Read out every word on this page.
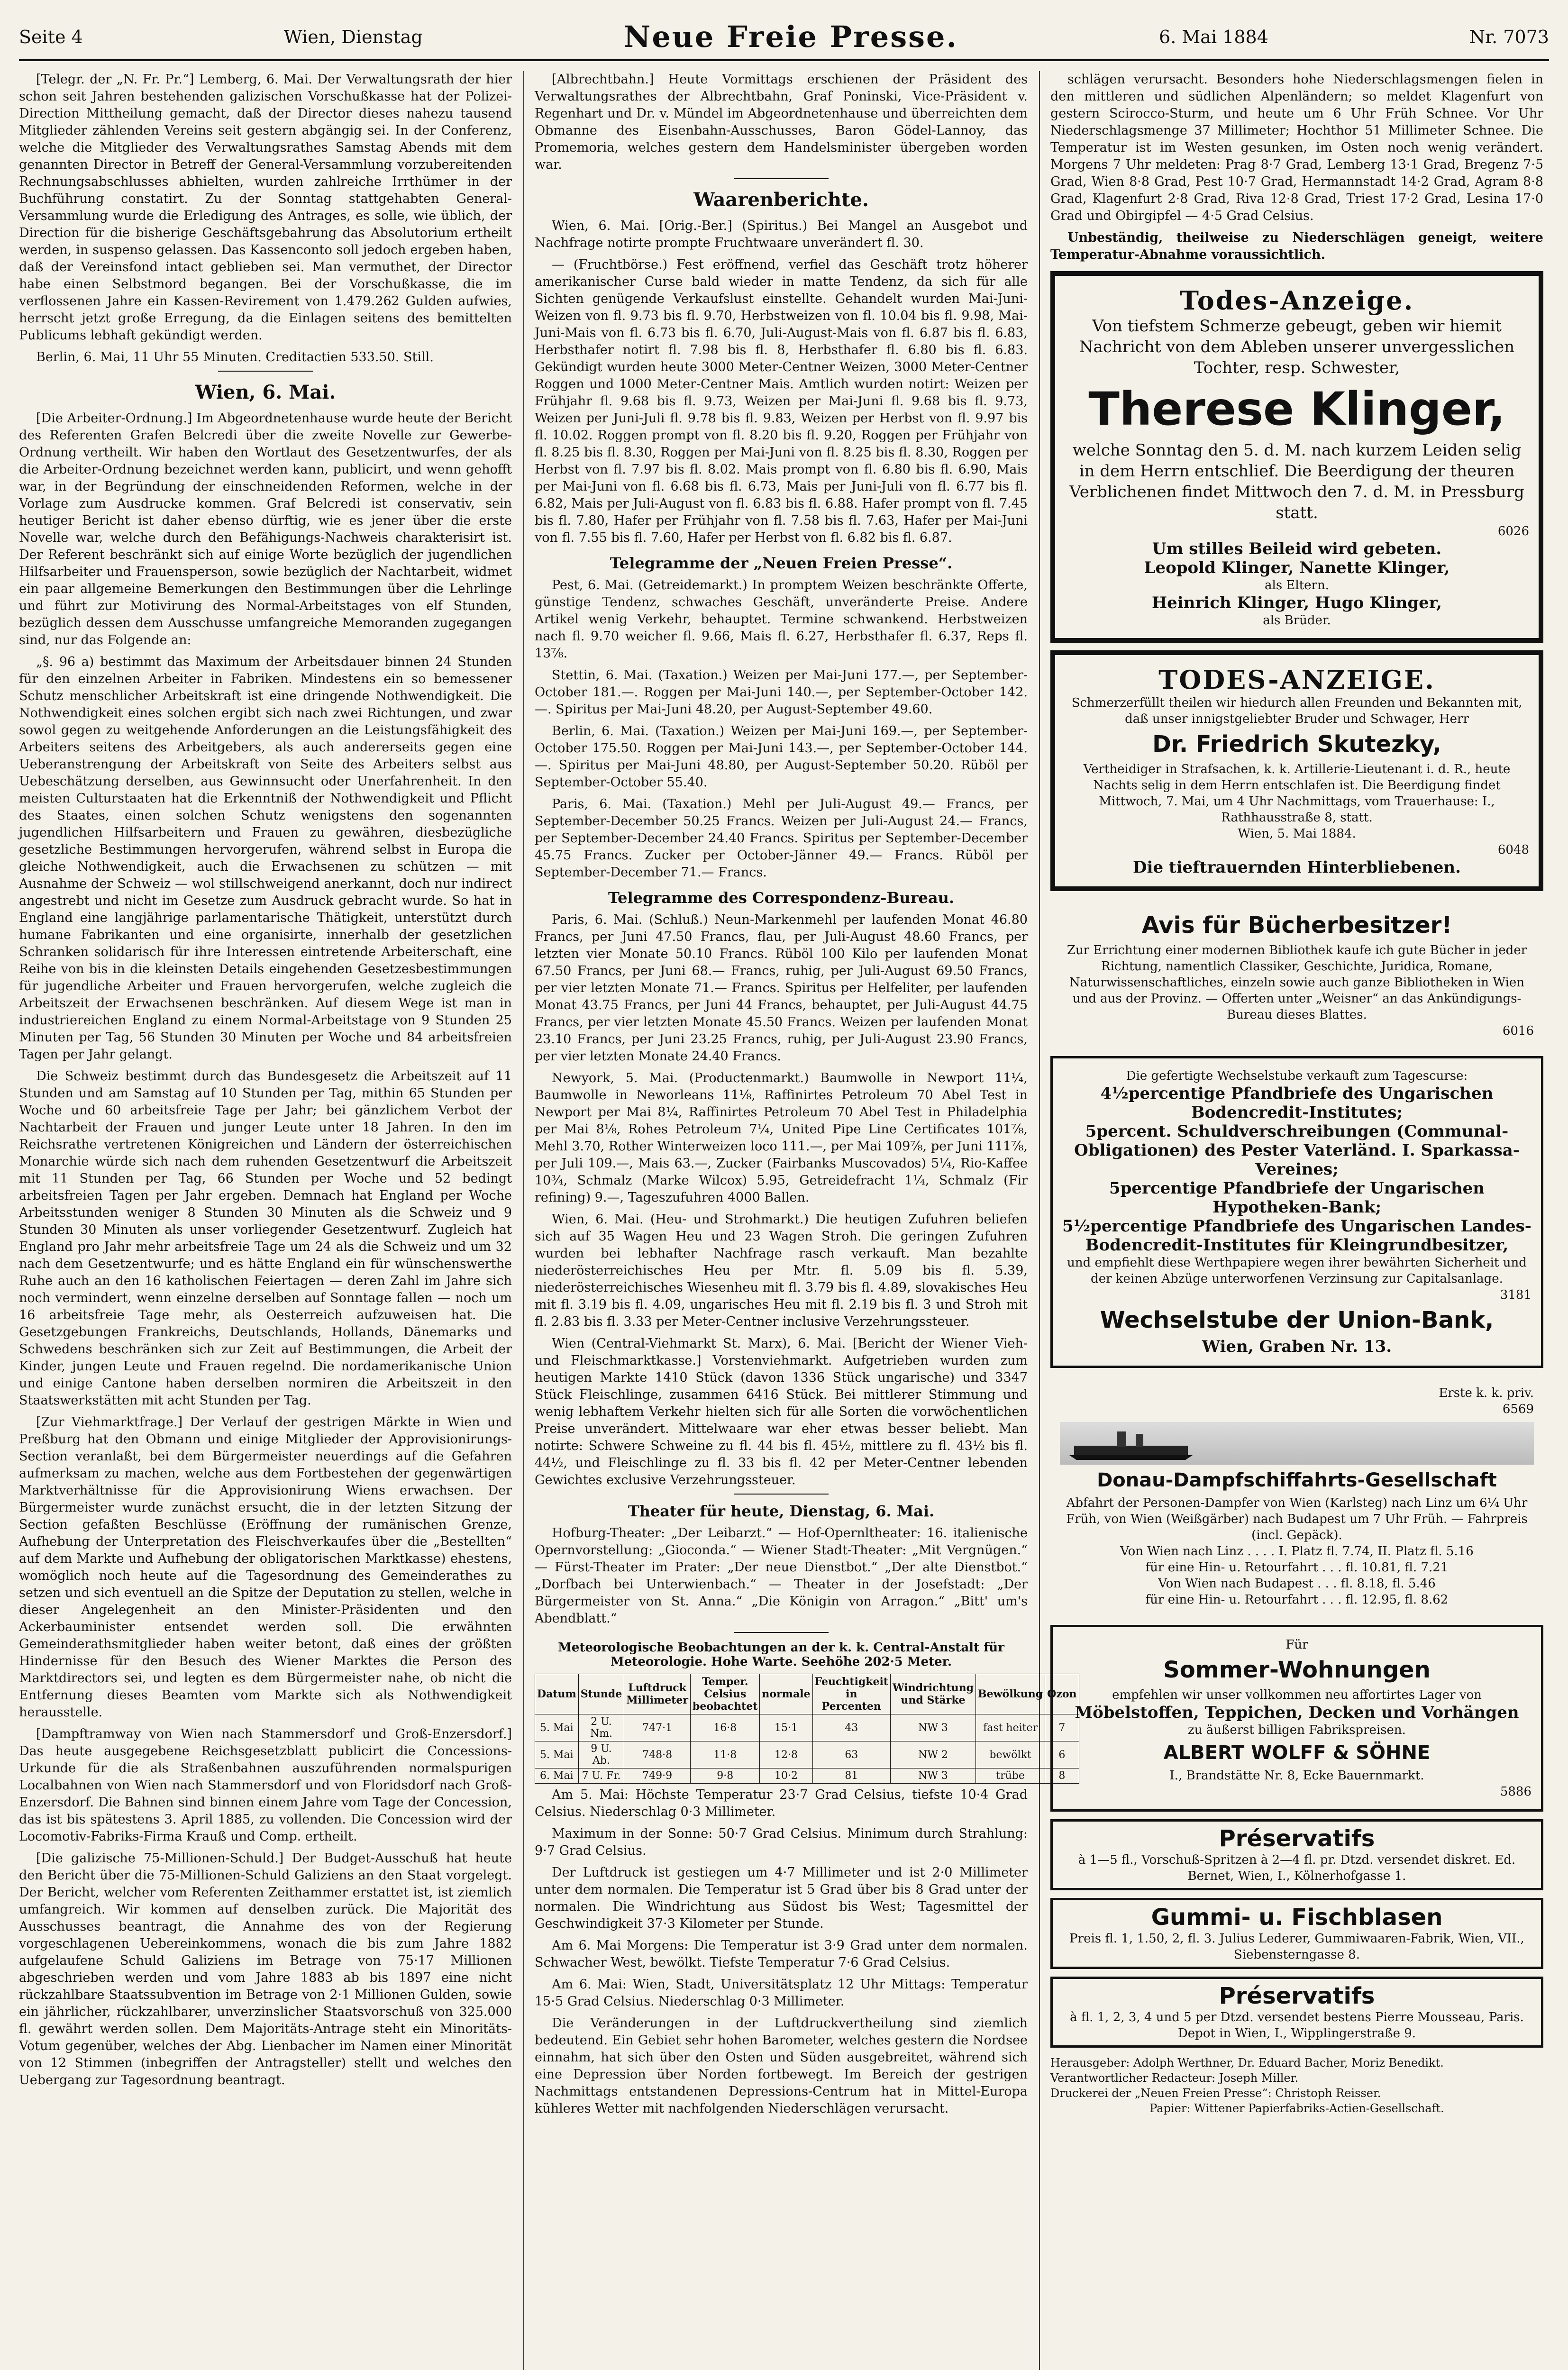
Seite 4	Wien, Dienstag	Neue Freie Presse.	6. Mai 1884	Nr. 7073

[Telegr. der „N. Fr. Pr.“] Lemberg, 6. Mai. Der Verwaltungsrath der hier schon seit Jahren bestehenden galizischen Vorschußkasse hat der Polizei-Direction Mittheilung gemacht, daß der Director dieses nahezu tausend Mitglieder zählenden Vereins seit gestern abgängig sei. In der Conferenz, welche die Mitglieder des Verwaltungsrathes Samstag Abends mit dem genannten Director in Betreff der General-Versammlung vorzubereitenden Rechnungsabschlusses abhielten, wurden zahlreiche Irrthümer in der Buchführung constatirt. Zu der Sonntag stattgehabten General-Versammlung wurde die Erledigung des Antrages, es solle, wie üblich, der Direction für die bisherige Geschäftsgebahrung das Absolutorium ertheilt werden, in suspenso gelassen. Das Kassenconto soll jedoch ergeben haben, daß der Vereinsfond intact geblieben sei. Man vermuthet, der Director habe einen Selbstmord begangen. Bei der Vorschußkasse, die im verflossenen Jahre ein Kassen-Revirement von 1.479.262 Gulden aufwies, herrscht jetzt große Erregung, da die Einlagen seitens des bemittelten Publicums lebhaft gekündigt werden.

Berlin, 6. Mai, 11 Uhr 55 Minuten. Creditactien 533.50. Still.

Wien, 6. Mai.

[Die Arbeiter-Ordnung.] Im Abgeordnetenhause wurde heute der Bericht des Referenten Grafen Belcredi über die zweite Novelle zur Gewerbe-Ordnung vertheilt. Wir haben den Wortlaut des Gesetzentwurfes, der als die Arbeiter-Ordnung bezeichnet werden kann, publicirt, und wenn gehofft war, in der Begründung der einschneidenden Reformen, welche in der Vorlage zum Ausdrucke kommen. Graf Belcredi ist conservativ, sein heutiger Bericht ist daher ebenso dürftig, wie es jener über die erste Novelle war, welche durch den Befähigungs-Nachweis charakterisirt ist. Der Referent beschränkt sich auf einige Worte bezüglich der jugendlichen Hilfsarbeiter und Frauensperson, sowie bezüglich der Nachtarbeit, widmet ein paar allgemeine Bemerkungen den Bestimmungen über die Lehrlinge und führt zur Motivirung des Normal-Arbeitstages von elf Stunden, bezüglich dessen dem Ausschusse umfangreiche Memoranden zugegangen sind, nur das Folgende an:

„§. 96 a) bestimmt das Maximum der Arbeitsdauer binnen 24 Stunden für den einzelnen Arbeiter in Fabriken. Mindestens ein so bemessener Schutz menschlicher Arbeitskraft ist eine dringende Nothwendigkeit. Die Nothwendigkeit eines solchen ergibt sich nach zwei Richtungen, und zwar sowol gegen zu weitgehende Anforderungen an die Leistungsfähigkeit des Arbeiters seitens des Arbeitgebers, als auch andererseits gegen eine Ueberanstrengung der Arbeitskraft von Seite des Arbeiters selbst aus Uebeschätzung derselben, aus Gewinnsucht oder Unerfahrenheit. In den meisten Culturstaaten hat die Erkenntniß der Nothwendigkeit und Pflicht des Staates, einen solchen Schutz wenigstens den sogenannten jugendlichen Hilfsarbeitern und Frauen zu gewähren, diesbezügliche gesetzliche Bestimmungen hervorgerufen, während selbst in Europa die gleiche Nothwendigkeit, auch die Erwachsenen zu schützen — mit Ausnahme der Schweiz — wol stillschweigend anerkannt, doch nur indirect angestrebt und nicht im Gesetze zum Ausdruck gebracht wurde. So hat in England eine langjährige parlamentarische Thätigkeit, unterstützt durch humane Fabrikanten und eine organisirte, innerhalb der gesetzlichen Schranken solidarisch für ihre Interessen eintretende Arbeiterschaft, eine Reihe von bis in die kleinsten Details eingehenden Gesetzesbestimmungen für jugendliche Arbeiter und Frauen hervorgerufen, welche zugleich die Arbeitszeit der Erwachsenen beschränken. Auf diesem Wege ist man in industriereichen England zu einem Normal-Arbeitstage von 9 Stunden 25 Minuten per Tag, 56 Stunden 30 Minuten per Woche und 84 arbeitsfreien Tagen per Jahr gelangt.

Die Schweiz bestimmt durch das Bundesgesetz die Arbeitszeit auf 11 Stunden und am Samstag auf 10 Stunden per Tag, mithin 65 Stunden per Woche und 60 arbeitsfreie Tage per Jahr; bei gänzlichem Verbot der Nachtarbeit der Frauen und junger Leute unter 18 Jahren. In den im Reichsrathe vertretenen Königreichen und Ländern der österreichischen Monarchie würde sich nach dem ruhenden Gesetzentwurf die Arbeitszeit mit 11 Stunden per Tag, 66 Stunden per Woche und 52 bedingt arbeitsfreien Tagen per Jahr ergeben. Demnach hat England per Woche Arbeitsstunden weniger 8 Stunden 30 Minuten als die Schweiz und 9 Stunden 30 Minuten als unser vorliegender Gesetzentwurf. Zugleich hat England pro Jahr mehr arbeitsfreie Tage um 24 als die Schweiz und um 32 nach dem Gesetzentwurfe; und es hätte England ein für wünschenswerthe Ruhe auch an den 16 katholischen Feiertagen — deren Zahl im Jahre sich noch vermindert, wenn einzelne derselben auf Sonntage fallen — noch um 16 arbeitsfreie Tage mehr, als Oesterreich aufzuweisen hat. Die Gesetzgebungen Frankreichs, Deutschlands, Hollands, Dänemarks und Schwedens beschränken sich zur Zeit auf Bestimmungen, die Arbeit der Kinder, jungen Leute und Frauen regelnd. Die nordamerikanische Union und einige Cantone haben derselben normiren die Arbeitszeit in den Staatswerkstätten mit acht Stunden per Tag.

[Zur Viehmarktfrage.] Der Verlauf der gestrigen Märkte in Wien und Preßburg hat den Obmann und einige Mitglieder der Approvisionirungs-Section veranlaßt, bei dem Bürgermeister neuerdings auf die Gefahren aufmerksam zu machen, welche aus dem Fortbestehen der gegenwärtigen Marktverhältnisse für die Approvisionirung Wiens erwachsen. Der Bürgermeister wurde zunächst ersucht, die in der letzten Sitzung der Section gefaßten Beschlüsse (Eröffnung der rumänischen Grenze, Aufhebung der Unterpretation des Fleischverkaufes über die „Bestellten“ auf dem Markte und Aufhebung der obligatorischen Marktkasse) ehestens, womöglich noch heute auf die Tagesordnung des Gemeinderathes zu setzen und sich eventuell an die Spitze der Deputation zu stellen, welche in dieser Angelegenheit an den Minister-Präsidenten und den Ackerbauminister entsendet werden soll. Die erwähnten Gemeinderathsmitglieder haben weiter betont, daß eines der größten Hindernisse für den Besuch des Wiener Marktes die Person des Marktdirectors sei, und legten es dem Bürgermeister nahe, ob nicht die Entfernung dieses Beamten vom Markte sich als Nothwendigkeit herausstelle.

[Dampftramway von Wien nach Stammersdorf und Groß-Enzersdorf.] Das heute ausgegebene Reichsgesetzblatt publicirt die Concessions-Urkunde für die als Straßenbahnen auszuführenden normalspurigen Localbahnen von Wien nach Stammersdorf und von Floridsdorf nach Groß-Enzersdorf. Die Bahnen sind binnen einem Jahre vom Tage der Concession, das ist bis spätestens 3. April 1885, zu vollenden. Die Concession wird der Locomotiv-Fabriks-Firma Krauß und Comp. ertheilt.

[Die galizische 75-Millionen-Schuld.] Der Budget-Ausschuß hat heute den Bericht über die 75-Millionen-Schuld Galiziens an den Staat vorgelegt. Der Bericht, welcher vom Referenten Zeithammer erstattet ist, ist ziemlich umfangreich. Wir kommen auf denselben zurück. Die Majorität des Ausschusses beantragt, die Annahme des von der Regierung vorgeschlagenen Uebereinkommens, wonach die bis zum Jahre 1882 aufgelaufene Schuld Galiziens im Betrage von 75·17 Millionen abgeschrieben werden und vom Jahre 1883 ab bis 1897 eine nicht rückzahlbare Staatssubvention im Betrage von 2·1 Millionen Gulden, sowie ein jährlicher, rückzahlbarer, unverzinslicher Staatsvorschuß von 325.000 fl. gewährt werden sollen. Dem Majoritäts-Antrage steht ein Minoritäts-Votum gegenüber, welches der Abg. Lienbacher im Namen einer Minorität von 12 Stimmen (inbegriffen der Antragsteller) stellt und welches den Uebergang zur Tagesordnung beantragt.

[Albrechtbahn.] Heute Vormittags erschienen der Präsident des Verwaltungsrathes der Albrechtbahn, Graf Poninski, Vice-Präsident v. Regenhart und Dr. v. Mündel im Abgeordnetenhause und überreichten dem Obmanne des Eisenbahn-Ausschusses, Baron Gödel-Lannoy, das Promemoria, welches gestern dem Handelsminister übergeben worden war.

Waarenberichte.

Wien, 6. Mai. [Orig.-Ber.] (Spiritus.) Bei Mangel an Ausgebot und Nachfrage notirte prompte Fruchtwaare unverändert fl. 30.

— (Fruchtbörse.) Fest eröffnend, verfiel das Geschäft trotz höherer amerikanischer Curse bald wieder in matte Tendenz, da sich für alle Sichten genügende Verkaufslust einstellte. Gehandelt wurden Mai-Juni-Weizen von fl. 9.73 bis fl. 9.70, Herbstweizen von fl. 10.04 bis fl. 9.98, Mai-Juni-Mais von fl. 6.73 bis fl. 6.70, Juli-August-Mais von fl. 6.87 bis fl. 6.83, Herbsthafer notirt fl. 7.98 bis fl. 8, Herbsthafer fl. 6.80 bis fl. 6.83. Gekündigt wurden heute 3000 Meter-Centner Weizen, 3000 Meter-Centner Roggen und 1000 Meter-Centner Mais. Amtlich wurden notirt: Weizen per Frühjahr fl. 9.68 bis fl. 9.73, Weizen per Mai-Juni fl. 9.68 bis fl. 9.73, Weizen per Juni-Juli fl. 9.78 bis fl. 9.83, Weizen per Herbst von fl. 9.97 bis fl. 10.02. Roggen prompt von fl. 8.20 bis fl. 9.20, Roggen per Frühjahr von fl. 8.25 bis fl. 8.30, Roggen per Mai-Juni von fl. 8.25 bis fl. 8.30, Roggen per Herbst von fl. 7.97 bis fl. 8.02. Mais prompt von fl. 6.80 bis fl. 6.90, Mais per Mai-Juni von fl. 6.68 bis fl. 6.73, Mais per Juni-Juli von fl. 6.77 bis fl. 6.82, Mais per Juli-August von fl. 6.83 bis fl. 6.88. Hafer prompt von fl. 7.45 bis fl. 7.80, Hafer per Frühjahr von fl. 7.58 bis fl. 7.63, Hafer per Mai-Juni von fl. 7.55 bis fl. 7.60, Hafer per Herbst von fl. 6.82 bis fl. 6.87.

Telegramme der „Neuen Freien Presse“.

Pest, 6. Mai. (Getreidemarkt.) In promptem Weizen beschränkte Offerte, günstige Tendenz, schwaches Geschäft, unveränderte Preise. Andere Artikel wenig Verkehr, behauptet. Termine schwankend. Herbstweizen nach fl. 9.70 weicher fl. 9.66, Mais fl. 6.27, Herbsthafer fl. 6.37, Reps fl. 13⅞.

Stettin, 6. Mai. (Taxation.) Weizen per Mai-Juni 177.—, per September-October 181.—. Roggen per Mai-Juni 140.—, per September-October 142.—. Spiritus per Mai-Juni 48.20, per August-September 49.60.

Berlin, 6. Mai. (Taxation.) Weizen per Mai-Juni 169.—, per September-October 175.50. Roggen per Mai-Juni 143.—, per September-October 144.—. Spiritus per Mai-Juni 48.80, per August-September 50.20. Rüböl per September-October 55.40.

Paris, 6. Mai. (Taxation.) Mehl per Juli-August 49.— Francs, per September-December 50.25 Francs. Weizen per Juli-August 24.— Francs, per September-December 24.40 Francs. Spiritus per September-December 45.75 Francs. Zucker per October-Jänner 49.— Francs. Rüböl per September-December 71.— Francs.

Telegramme des Correspondenz-Bureau.

Paris, 6. Mai. (Schluß.) Neun-Markenmehl per laufenden Monat 46.80 Francs, per Juni 47.50 Francs, flau, per Juli-August 48.60 Francs, per letzten vier Monate 50.10 Francs. Rüböl 100 Kilo per laufenden Monat 67.50 Francs, per Juni 68.— Francs, ruhig, per Juli-August 69.50 Francs, per vier letzten Monate 71.— Francs. Spiritus per Helfeliter, per laufenden Monat 43.75 Francs, per Juni 44 Francs, behauptet, per Juli-August 44.75 Francs, per vier letzten Monate 45.50 Francs. Weizen per laufenden Monat 23.10 Francs, per Juni 23.25 Francs, ruhig, per Juli-August 23.90 Francs, per vier letzten Monate 24.40 Francs.

Newyork, 5. Mai. (Productenmarkt.) Baumwolle in Newport 11¼, Baumwolle in Neworleans 11⅛, Raffinirtes Petroleum 70 Abel Test in Newport per Mai 8¼, Raffinirtes Petroleum 70 Abel Test in Philadelphia per Mai 8⅛, Rohes Petroleum 7¼, United Pipe Line Certificates 101⅞, Mehl 3.70, Rother Winterweizen loco 111.—, per Mai 109⅞, per Juni 111⅞, per Juli 109.—, Mais 63.—, Zucker (Fairbanks Muscovados) 5¼, Rio-Kaffee 10¾, Schmalz (Marke Wilcox) 5.95, Getreidefracht 1¼, Schmalz (Fir refining) 9.—, Tageszufuhren 4000 Ballen.

Wien, 6. Mai. (Heu- und Strohmarkt.) Die heutigen Zufuhren beliefen sich auf 35 Wagen Heu und 23 Wagen Stroh. Die geringen Zufuhren wurden bei lebhafter Nachfrage rasch verkauft. Man bezahlte niederösterreichisches Heu per Mtr. fl. 5.09 bis fl. 5.39, niederösterreichisches Wiesenheu mit fl. 3.79 bis fl. 4.89, slovakisches Heu mit fl. 3.19 bis fl. 4.09, ungarisches Heu mit fl. 2.19 bis fl. 3 und Stroh mit fl. 2.83 bis fl. 3.33 per Meter-Centner inclusive Verzehrungssteuer.

Wien (Central-Viehmarkt St. Marx), 6. Mai. [Bericht der Wiener Vieh- und Fleischmarktkasse.] Vorstenviehmarkt. Aufgetrieben wurden zum heutigen Markte 1410 Stück (davon 1336 Stück ungarische) und 3347 Stück Fleischlinge, zusammen 6416 Stück. Bei mittlerer Stimmung und wenig lebhaftem Verkehr hielten sich für alle Sorten die vorwöchentlichen Preise unverändert. Mittelwaare war eher etwas besser beliebt. Man notirte: Schwere Schweine zu fl. 44 bis fl. 45½, mittlere zu fl. 43½ bis fl. 44½, und Fleischlinge zu fl. 33 bis fl. 42 per Meter-Centner lebenden Gewichtes exclusive Verzehrungssteuer.

Theater für heute, Dienstag, 6. Mai.

Hofburg-Theater: „Der Leibarzt.“ — Hof-Opernltheater: 16. italienische Opernvorstellung: „Gioconda.“ — Wiener Stadt-Theater: „Mit Vergnügen.“ — Fürst-Theater im Prater: „Der neue Dienstbot.“ „Der alte Dienstbot.“ „Dorfbach bei Unterwienbach.“ — Theater in der Josefstadt: „Der Bürgermeister von St. Anna.“ „Die Königin von Arragon.“ „Bitt' um's Abendblatt.“

Meteorologische Beobachtungen an der k. k. Central-Anstalt für Meteorologie. Hohe Warte. Seehöhe 202·5 Meter.
Datum	Stunde	Luftdruck Millimeter	Temper. Celsius beobachtet	normale	Feuchtigkeit in Percenten	Windrichtung und Stärke	Bewölkung	Ozon
5. Mai	2 U. Nm.	747·1	16·8	15·1	43	NW 3	fast heiter	7
5. Mai	9 U. Ab.	748·8	11·8	12·8	63	NW 2	bewölkt	6
6. Mai	7 U. Fr.	749·9	9·8	10·2	81	NW 3	trübe	8

Am 5. Mai: Höchste Temperatur 23·7 Grad Celsius, tiefste 10·4 Grad Celsius. Niederschlag 0·3 Millimeter.

Maximum in der Sonne: 50·7 Grad Celsius. Minimum durch Strahlung: 9·7 Grad Celsius.

Der Luftdruck ist gestiegen um 4·7 Millimeter und ist 2·0 Millimeter unter dem normalen. Die Temperatur ist 5 Grad über bis 8 Grad unter der normalen. Die Windrichtung aus Südost bis West; Tagesmittel der Geschwindigkeit 37·3 Kilometer per Stunde.

Am 6. Mai Morgens: Die Temperatur ist 3·9 Grad unter dem normalen. Schwacher West, bewölkt. Tiefste Temperatur 7·6 Grad Celsius.

Am 6. Mai: Wien, Stadt, Universitätsplatz 12 Uhr Mittags: Temperatur 15·5 Grad Celsius. Niederschlag 0·3 Millimeter.

Die Veränderungen in der Luftdruckvertheilung sind ziemlich bedeutend. Ein Gebiet sehr hohen Barometer, welches gestern die Nordsee einnahm, hat sich über den Osten und Süden ausgebreitet, während sich eine Depression über Norden fortbewegt. Im Bereich der gestrigen Nachmittags entstandenen Depressions-Centrum hat in Mittel-Europa kühleres Wetter mit nachfolgenden Niederschlägen verursacht.

schlägen verursacht. Besonders hohe Niederschlagsmengen fielen in den mittleren und südlichen Alpenländern; so meldet Klagenfurt von gestern Scirocco-Sturm, und heute um 6 Uhr Früh Schnee. Vor Uhr Niederschlagsmenge 37 Millimeter; Hochthor 51 Millimeter Schnee. Die Temperatur ist im Westen gesunken, im Osten noch wenig verändert. Morgens 7 Uhr meldeten: Prag 8·7 Grad, Lemberg 13·1 Grad, Bregenz 7·5 Grad, Wien 8·8 Grad, Pest 10·7 Grad, Hermannstadt 14·2 Grad, Agram 8·8 Grad, Klagenfurt 2·8 Grad, Riva 12·8 Grad, Triest 17·2 Grad, Lesina 17·0 Grad und Obirgipfel — 4·5 Grad Celsius.

Unbeständig, theilweise zu Niederschlägen geneigt, weitere Temperatur-Abnahme voraussichtlich.

Todes-Anzeige.
Von tiefstem Schmerze gebeugt, geben wir hiemit Nachricht von dem Ableben unserer unvergesslichen Tochter, resp. Schwester,
Therese Klinger,
welche Sonntag den 5. d. M. nach kurzem Leiden selig in dem Herrn entschlief. Die Beerdigung der theuren Verblichenen findet Mittwoch den 7. d. M. in Pressburg statt.
6026
Um stilles Beileid wird gebeten.
Leopold Klinger, Nanette Klinger,
als Eltern.
Heinrich Klinger, Hugo Klinger,
als Brüder.
TODES-ANZEIGE.
Schmerzerfüllt theilen wir hiedurch allen Freunden und Bekannten mit, daß unser innigstgeliebter Bruder und Schwager, Herr
Dr. Friedrich Skutezky,
Vertheidiger in Strafsachen, k. k. Artillerie-Lieutenant i. d. R., heute Nachts selig in dem Herrn entschlafen ist. Die Beerdigung findet Mittwoch, 7. Mai, um 4 Uhr Nachmittags, vom Trauerhause: I., Rathhausstraße 8, statt.
Wien, 5. Mai 1884.
6048
Die tieftrauernden Hinterbliebenen.
Avis für Bücherbesitzer!
Zur Errichtung einer modernen Bibliothek kaufe ich gute Bücher in jeder Richtung, namentlich Classiker, Geschichte, Juridica, Romane, Naturwissenschaftliches, einzeln sowie auch ganze Bibliotheken in Wien und aus der Provinz. — Offerten unter „Weisner“ an das Ankündigungs-Bureau dieses Blattes.
6016
Die gefertigte Wechselstube verkauft zum Tagescurse:
4½percentige Pfandbriefe des Ungarischen Bodencredit-Institutes;
5percent. Schuldverschreibungen (Communal-Obligationen) des Pester Vaterländ. I. Sparkassa-Vereines;
5percentige Pfandbriefe der Ungarischen Hypotheken-Bank;
5½percentige Pfandbriefe des Ungarischen Landes-Bodencredit-Institutes für Kleingrundbesitzer,
und empfiehlt diese Werthpapiere wegen ihrer bewährten Sicherheit und der keinen Abzüge unterworfenen Verzinsung zur Capitalsanlage.
3181
Wechselstube der Union-Bank,
Wien, Graben Nr. 13.
Erste k. k. priv.
6569
Donau-Dampfschiffahrts-Gesellschaft
Abfahrt der Personen-Dampfer von Wien (Karlsteg) nach Linz um 6¼ Uhr Früh, von Wien (Weißgärber) nach Budapest um 7 Uhr Früh. — Fahrpreis (incl. Gepäck).
Von Wien nach Linz . . . . I. Platz fl. 7.74, II. Platz fl. 5.16
für eine Hin- u. Retourfahrt . . . fl. 10.81, fl. 7.21
Von Wien nach Budapest . . . fl. 8.18, fl. 5.46
für eine Hin- u. Retourfahrt . . . fl. 12.95, fl. 8.62
Für
Sommer-Wohnungen
empfehlen wir unser vollkommen neu affortirtes Lager von
Möbelstoffen, Teppichen, Decken und Vorhängen
zu äußerst billigen Fabrikspreisen.
ALBERT WOLFF & SÖHNE
I., Brandstätte Nr. 8, Ecke Bauernmarkt.
5886
Préservatifs
à 1—5 fl., Vorschuß-Spritzen à 2—4 fl. pr. Dtzd. versendet diskret. Ed. Bernet, Wien, I., Kölnerhofgasse 1.
Gummi- u. Fischblasen
Preis fl. 1, 1.50, 2, fl. 3. Julius Lederer, Gummiwaaren-Fabrik, Wien, VII., Siebensterngasse 8.
Préservatifs
à fl. 1, 2, 3, 4 und 5 per Dtzd. versendet bestens Pierre Mousseau, Paris. Depot in Wien, I., Wipplingerstraße 9.
Herausgeber: Adolph Werthner, Dr. Eduard Bacher, Moriz Benedikt.
Verantwortlicher Redacteur: Joseph Miller.
Druckerei der „Neuen Freien Presse“: Christoph Reisser.
Papier: Wittener Papierfabriks-Actien-Gesellschaft.
